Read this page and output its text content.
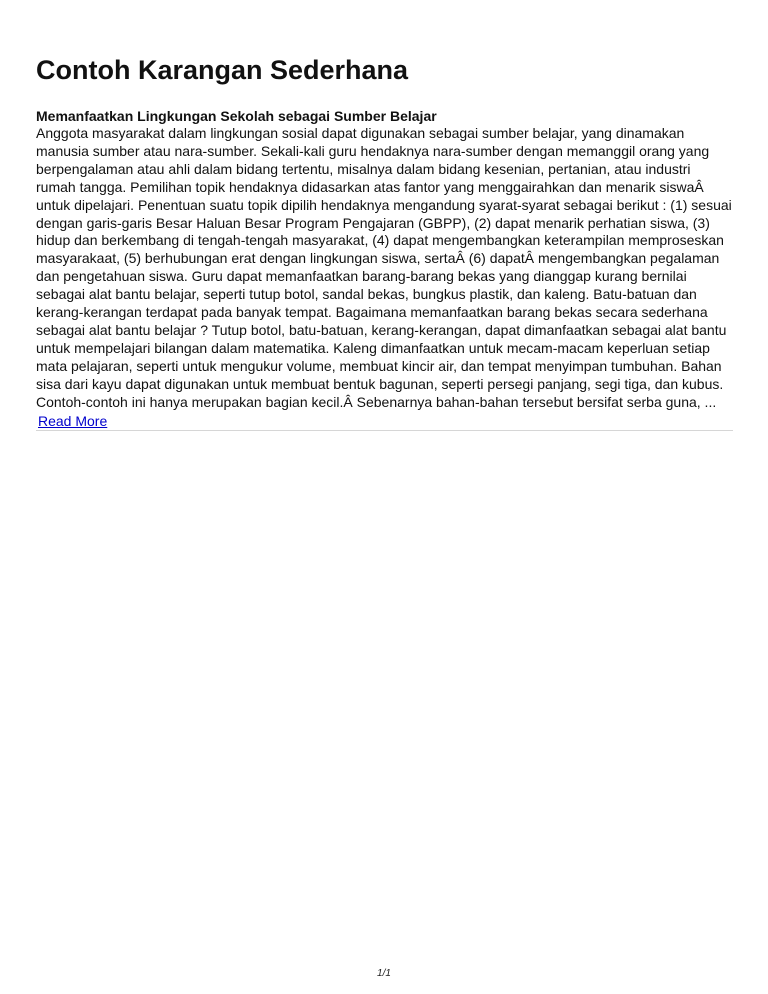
Contoh Karangan Sederhana
Memanfaatkan Lingkungan Sekolah sebagai Sumber Belajar

Anggota masyarakat dalam lingkungan sosial dapat digunakan sebagai sumber belajar, yang dinamakan manusia sumber atau nara-sumber. Sekali-kali guru hendaknya nara-sumber dengan memanggil orang yang berpengalaman atau ahli dalam bidang tertentu, misalnya dalam bidang kesenian, pertanian, atau industri rumah tangga. Pemilihan topik hendaknya didasarkan atas fantor yang menggairahkan dan menarik siswaÂ untuk dipelajari. Penentuan suatu topik dipilih hendaknya mengandung syarat-syarat sebagai berikut : (1) sesuai dengan garis-garis Besar Haluan Besar Program Pengajaran (GBPP), (2) dapat menarik perhatian siswa, (3) hidup dan berkembang di tengah-tengah masyarakat, (4) dapat mengembangkan keterampilan memproseskan masyarakaat, (5) berhubungan erat dengan lingkungan siswa, sertaÂ (6) dapatÂ mengembangkan pegalaman dan pengetahuan siswa. Guru dapat memanfaatkan barang-barang bekas yang dianggap kurang bernilai sebagai alat bantu belajar, seperti tutup botol, sandal bekas, bungkus plastik, dan kaleng. Batu-batuan dan kerang-kerangan terdapat pada banyak tempat. Bagaimana memanfaatkan barang bekas secara sederhana sebagai alat bantu belajar ? Tutup botol, batu-batuan, kerang-kerangan, dapat dimanfaatkan sebagai alat bantu untuk mempelajari bilangan dalam matematika. Kaleng dimanfaatkan untuk mecam-macam keperluan setiap mata pelajaran, seperti untuk mengukur volume, membuat kincir air, dan tempat menyimpan tumbuhan. Bahan sisa dari kayu dapat digunakan untuk membuat bentuk bagunan, seperti persegi panjang, segi tiga, dan kubus. Contoh-contoh ini hanya merupakan bagian kecil.Â Sebenarnya bahan-bahan tersebut bersifat serba guna, ...

Read More
1/1
